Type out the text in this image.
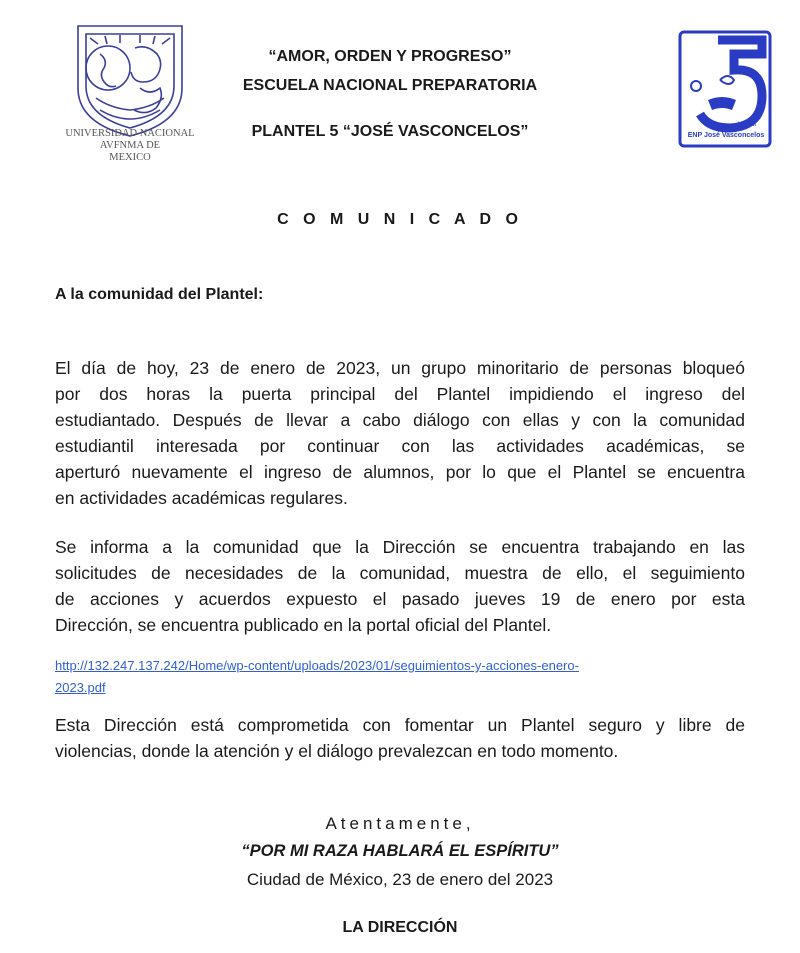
UNIVERSIDAD NACIONAL
AVFNMA DE
MEXICO
“AMOR, ORDEN Y PROGRESO”
ESCUELA NACIONAL PREPARATORIA
PLANTEL 5 “JOSÉ VASCONCELOS”	UNAM
ENP José Vasconcelos
C O M U N I C A D O
A la comunidad del Plantel:
El día de hoy, 23 de enero de 2023, un grupo minoritario de personas bloqueó
por dos horas la puerta principal del Plantel impidiendo el ingreso del
estudiantado. Después de llevar a cabo diálogo con ellas y con la comunidad
estudiantil interesada por continuar con las actividades académicas, se
aperturó nuevamente el ingreso de alumnos, por lo que el Plantel se encuentra
en actividades académicas regulares.
Se informa a la comunidad que la Dirección se encuentra trabajando en las
solicitudes de necesidades de la comunidad, muestra de ello, el seguimiento
de acciones y acuerdos expuesto el pasado jueves 19 de enero por esta
Dirección, se encuentra publicado en la portal oficial del Plantel.
http://132.247.137.242/Home/wp-content/uploads/2023/01/seguimientos-y-acciones-enero-
2023.pdf
Esta Dirección está comprometida con fomentar un Plantel seguro y libre de
violencias, donde la atención y el diálogo prevalezcan en todo momento.
Atentamente,
“POR MI RAZA HABLARÁ EL ESPÍRITU”
Ciudad de México, 23 de enero del 2023
LA DIRECCIÓN
